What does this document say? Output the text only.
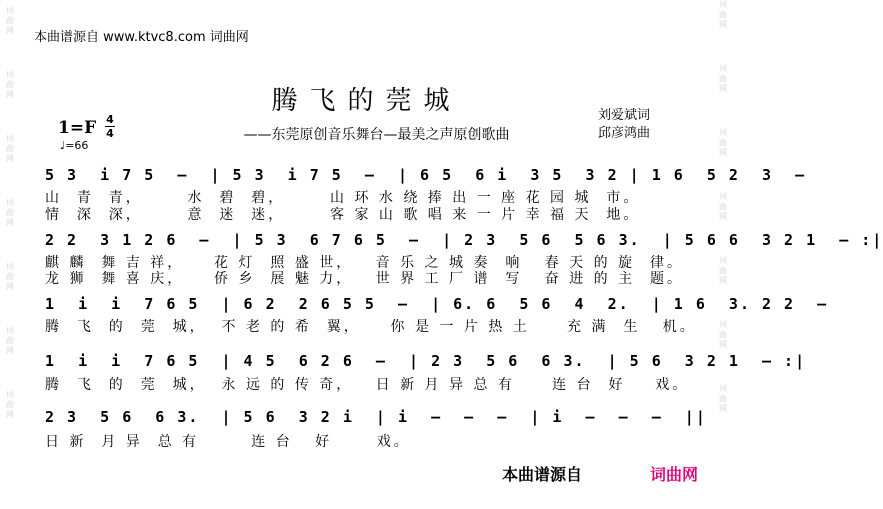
词
曲
网
词
曲
网
词
曲
网
词
曲
网
词
曲
网
词
曲
网
词
曲
网
词
曲
网
词
曲
网
词
曲
网
词
曲
网
词
曲
网
词
曲
网
词
曲
网
本曲谱源自 www.ktvc8.com 词曲网
腾飞的莞城
——东莞原创音乐舞台—最美之声原创歌曲
刘爱斌词
邱彦鸿曲
1=F 4
4
♩=66
5 3  i 7 5  –  | 5 3  i 7 5  –  | 6 5  6 i  3 5  3 2 | 1 6  5 2  3  –
山  青  青，      水  碧  碧，      山 环 水 绕 捧 出 一 座 花 园 城  市。
情  深  深，      意  迷  迷，      客 家 山 歌 唱 来 一 片 幸 福 天  地。
2 2  3 1 2 6  –  | 5 3  6 7 6 5  –  | 2 3  5 6  5 6 3.  | 5 6 6  3 2 1  – :|
麒 麟  舞 吉 祥，    花 灯  照 盛 世，   音 乐 之 城 奏  响   春 天 的 旋  律。
龙 狮  舞 喜 庆，    侨 乡  展 魅 力，   世 界 工 厂 谱  写   奋 进 的 主  题。
1  i  i  7 6 5  | 6 2  2 6 5 5  –  | 6. 6  5 6  4  2.  | 1 6  3. 2 2  –
腾  飞  的  莞  城，  不 老 的 希  翼，    你 是 一 片 热 土     充 满  生   机。
1  i  i  7 6 5  | 4 5  6 2 6  –  | 2 3  5 6  6 3.  | 5 6  3 2 1  – :|
腾  飞  的  莞  城，  永 远 的 传 奇，   日 新 月 异 总 有     连 台  好    戏。
2 3  5 6  6 3.  | 5 6  3 2 i  | i  –  –  –  | i  –  –  –  ||
日 新  月 异  总 有       连 台   好      戏。
本曲谱源自	词曲网
